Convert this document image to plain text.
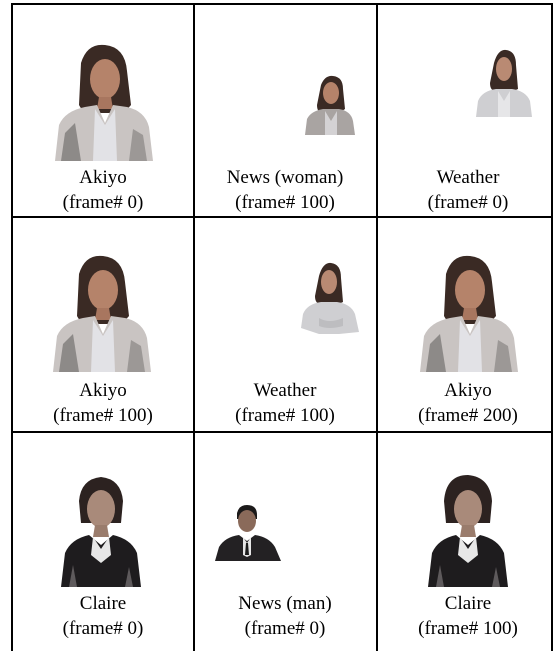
Akiyo
(frame# 0)
News (woman)
(frame# 100)
Weather
(frame# 0)
Akiyo
(frame# 100)
Weather
(frame# 100)
Akiyo
(frame# 200)
Claire
(frame# 0)
News (man)
(frame# 0)
Claire
(frame# 100)
